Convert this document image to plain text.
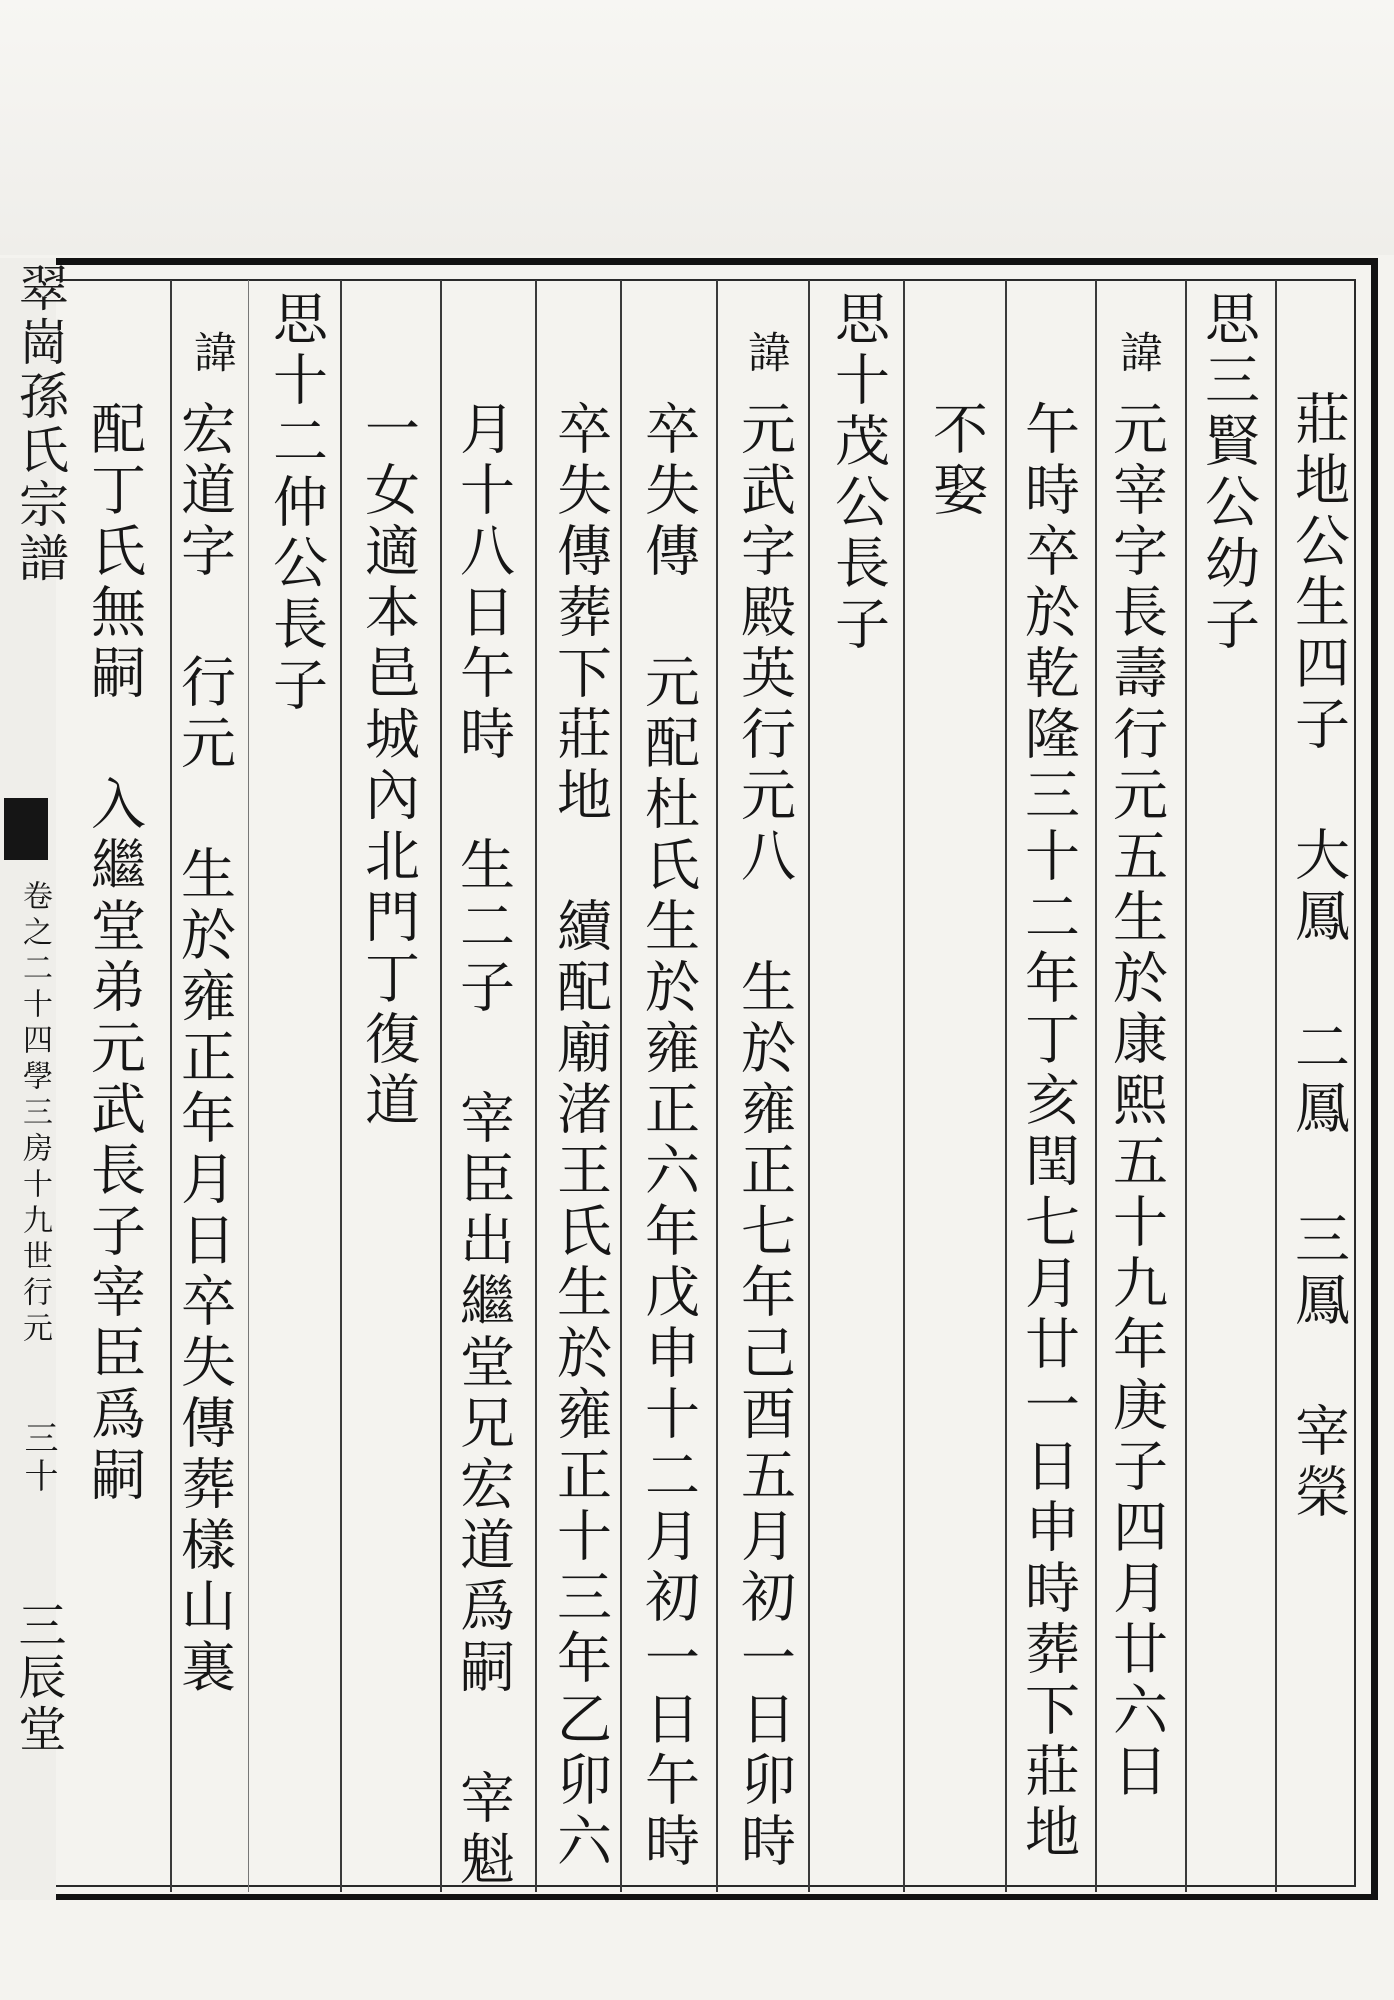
翠崗孫氏宗譜
卷之二十四學三房十九世行元
三十
三辰堂
莊地公生四子 大鳳 二鳳 三鳳 宰榮
思三賢公幼子
諱
元宰字長壽行元五生於康熙五十九年庚子四月廿六日
午時卒於乾隆三十二年丁亥閏七月廿一日申時葬下莊地
不娶
思十茂公長子
諱
元武字殿英行元八 生於雍正七年己酉五月初一日卯時
卒失傳 元配杜氏生於雍正六年戊申十二月初一日午時
卒失傳葬下莊地 續配廟渚王氏生於雍正十三年乙卯六
月十八日午時 生二子 宰臣出繼堂兄宏道爲嗣 宰魁
一女適本邑城內北門丁復道
思十二仲公長子
諱
宏道字 行元 生於雍正年月日卒失傳葬樣山裏
配丁氏無嗣 入繼堂弟元武長子宰臣爲嗣
